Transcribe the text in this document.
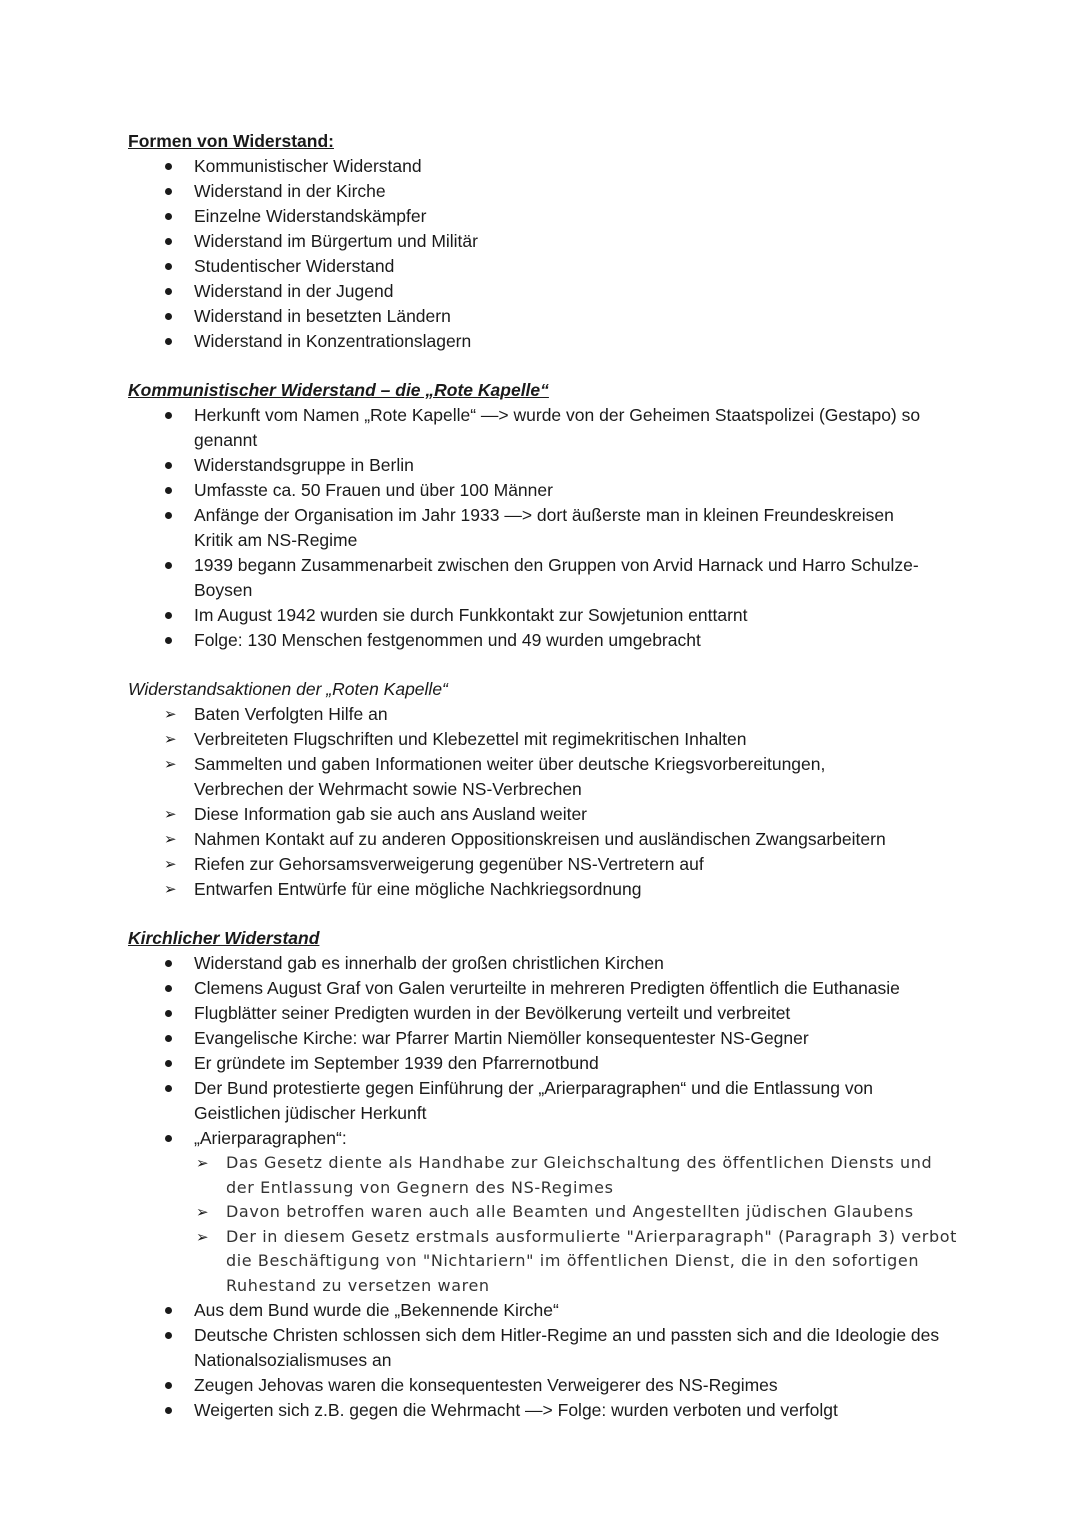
Formen von Widerstand:

Kommunistischer Widerstand
Widerstand in der Kirche
Einzelne Widerstandskämpfer
Widerstand im Bürgertum und Militär
Studentischer Widerstand
Widerstand in der Jugend
Widerstand in besetzten Ländern
Widerstand in Konzentrationslagern

Kommunistischer Widerstand – die „Rote Kapelle“

Herkunft vom Namen „Rote Kapelle“ —> wurde von der Geheimen Staatspolizei (Gestapo) so genannt
Widerstandsgruppe in Berlin
Umfasste ca. 50 Frauen und über 100 Männer
Anfänge der Organisation im Jahr 1933 —> dort äußerste man in kleinen Freundeskreisen Kritik am NS-Regime
1939 begann Zusammenarbeit zwischen den Gruppen von Arvid Harnack und Harro Schulze-Boysen
Im August 1942 wurden sie durch Funkkontakt zur Sowjetunion enttarnt
Folge: 130 Menschen festgenommen und 49 wurden umgebracht

Widerstandsaktionen der „Roten Kapelle“

➢ Baten Verfolgten Hilfe an
➢ Verbreiteten Flugschriften und Klebezettel mit regimekritischen Inhalten
➢ Sammelten und gaben Informationen weiter über deutsche Kriegsvorbereitungen, Verbrechen der Wehrmacht sowie NS-Verbrechen
➢ Diese Information gab sie auch ans Ausland weiter
➢ Nahmen Kontakt auf zu anderen Oppositionskreisen und ausländischen Zwangsarbeitern
➢ Riefen zur Gehorsamsverweigerung gegenüber NS-Vertretern auf
➢ Entwarfen Entwürfe für eine mögliche Nachkriegsordnung

Kirchlicher Widerstand

Widerstand gab es innerhalb der großen christlichen Kirchen
Clemens August Graf von Galen verurteilte in mehreren Predigten öffentlich die Euthanasie
Flugblätter seiner Predigten wurden in der Bevölkerung verteilt und verbreitet
Evangelische Kirche: war Pfarrer Martin Niemöller konsequentester NS-Gegner
Er gründete im September 1939 den Pfarrernotbund
Der Bund protestierte gegen Einführung der „Arierparagraphen“ und die Entlassung von Geistlichen jüdischer Herkunft
„Arierparagraphen“:
➢ Das Gesetz diente als Handhabe zur Gleichschaltung des öffentlichen Diensts und der Entlassung von Gegnern des NS-Regimes
➢ Davon betroffen waren auch alle Beamten und Angestellten jüdischen Glaubens
➢ Der in diesem Gesetz erstmals ausformulierte "Arierparagraph" (Paragraph 3) verbot die Beschäftigung von "Nichtariern" im öffentlichen Dienst, die in den sofortigen Ruhestand zu versetzen waren
Aus dem Bund wurde die „Bekennende Kirche“
Deutsche Christen schlossen sich dem Hitler-Regime an und passten sich and die Ideologie des Nationalsozialismuses an
Zeugen Jehovas waren die konsequentesten Verweigerer des NS-Regimes
Weigerten sich z.B. gegen die Wehrmacht —> Folge: wurden verboten und verfolgt
